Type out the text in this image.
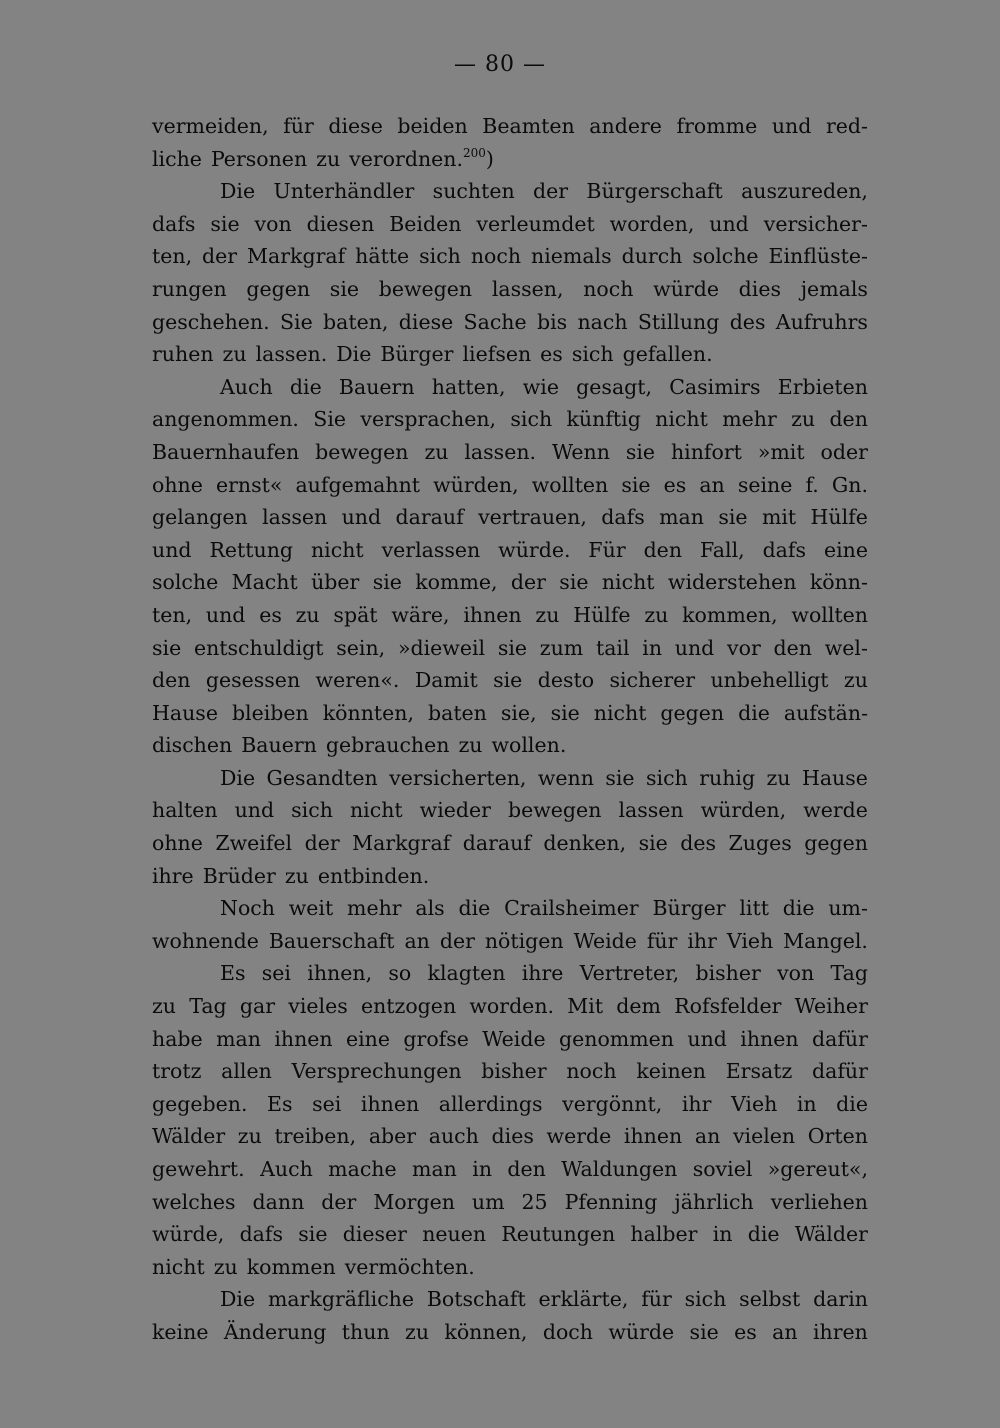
— 80 —
vermeiden, für diese beiden Beamten andere fromme und red-
liche Personen zu verordnen.$^{200}$)
Die Unterhändler suchten der Bürgerschaft auszureden,
dafs sie von diesen Beiden verleumdet worden, und versicher-
ten, der Markgraf hätte sich noch niemals durch solche Einflüste-
rungen gegen sie bewegen lassen, noch würde dies jemals
geschehen. Sie baten, diese Sache bis nach Stillung des Aufruhrs
ruhen zu lassen. Die Bürger liefsen es sich gefallen.
Auch die Bauern hatten, wie gesagt, Casimirs Erbieten
angenommen. Sie versprachen, sich künftig nicht mehr zu den
Bauernhaufen bewegen zu lassen. Wenn sie hinfort »mit oder
ohne ernst« aufgemahnt würden, wollten sie es an seine f. Gn.
gelangen lassen und darauf vertrauen, dafs man sie mit Hülfe
und Rettung nicht verlassen würde. Für den Fall, dafs eine
solche Macht über sie komme, der sie nicht widerstehen könn-
ten, und es zu spät wäre, ihnen zu Hülfe zu kommen, wollten
sie entschuldigt sein, »dieweil sie zum tail in und vor den wel-
den gesessen weren«. Damit sie desto sicherer unbehelligt zu
Hause bleiben könnten, baten sie, sie nicht gegen die aufstän-
dischen Bauern gebrauchen zu wollen.
Die Gesandten versicherten, wenn sie sich ruhig zu Hause
halten und sich nicht wieder bewegen lassen würden, werde
ohne Zweifel der Markgraf darauf denken, sie des Zuges gegen
ihre Brüder zu entbinden.
Noch weit mehr als die Crailsheimer Bürger litt die um-
wohnende Bauerschaft an der nötigen Weide für ihr Vieh Mangel.
Es sei ihnen, so klagten ihre Vertreter, bisher von Tag
zu Tag gar vieles entzogen worden. Mit dem Rofsfelder Weiher
habe man ihnen eine grofse Weide genommen und ihnen dafür
trotz allen Versprechungen bisher noch keinen Ersatz dafür
gegeben. Es sei ihnen allerdings vergönnt, ihr Vieh in die
Wälder zu treiben, aber auch dies werde ihnen an vielen Orten
gewehrt. Auch mache man in den Waldungen soviel »gereut«,
welches dann der Morgen um 25 Pfenning jährlich verliehen
würde, dafs sie dieser neuen Reutungen halber in die Wälder
nicht zu kommen vermöchten.
Die markgräfliche Botschaft erklärte, für sich selbst darin
keine Änderung thun zu können, doch würde sie es an ihren
